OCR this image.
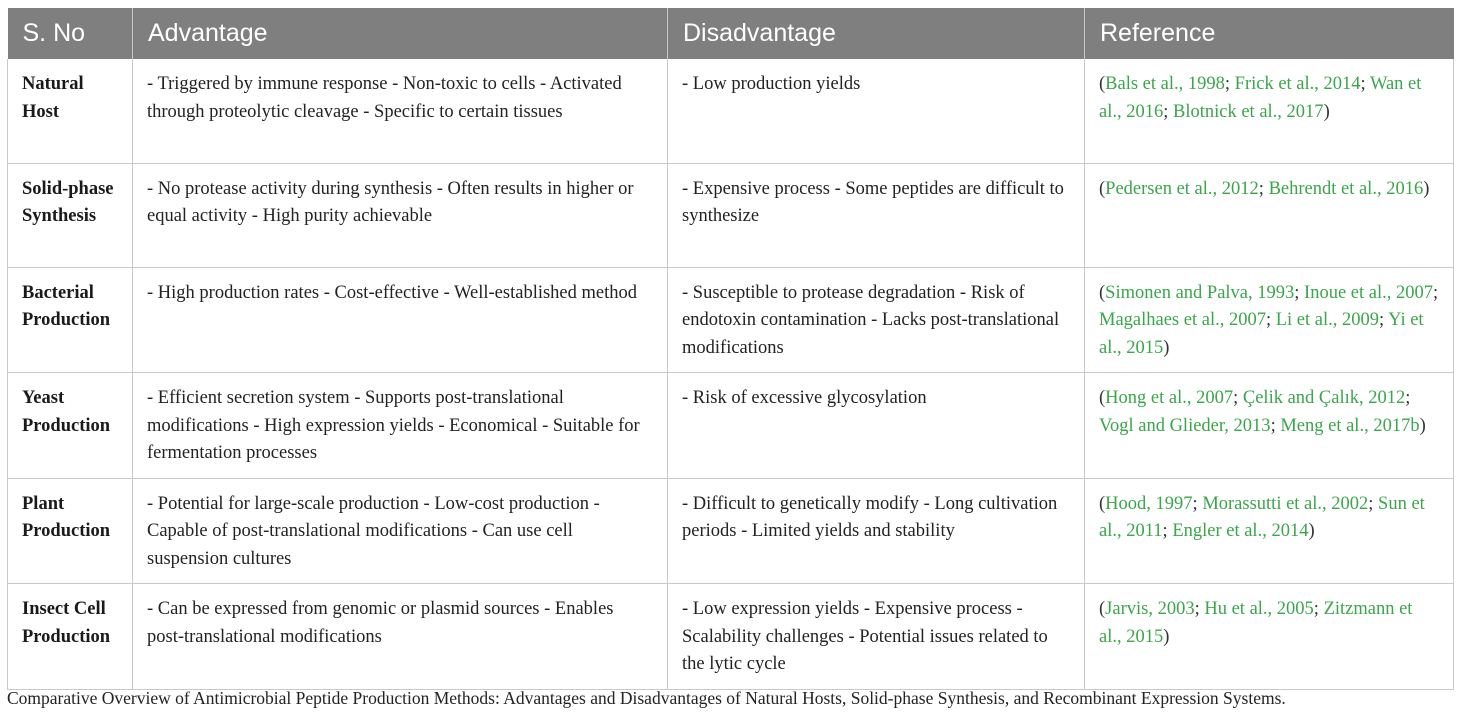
S. No	Advantage	Disadvantage	Reference
Natural Host	- Triggered by immune response - Non-toxic to cells - Activated through proteolytic cleavage - Specific to certain tissues	- Low production yields	(Bals et al., 1998; Frick et al., 2014; Wan et al., 2016; Blotnick et al., 2017)
Solid-phase Synthesis	- No protease activity during synthesis - Often results in higher or equal activity - High purity achievable	- Expensive process - Some peptides are difficult to synthesize	(Pedersen et al., 2012; Behrendt et al., 2016)
Bacterial Production	- High production rates - Cost-effective - Well-established method	- Susceptible to protease degradation - Risk of endotoxin contamination - Lacks post-translational modifications	(Simonen and Palva, 1993; Inoue et al., 2007; Magalhaes et al., 2007; Li et al., 2009; Yi et al., 2015)
Yeast Production	- Efficient secretion system - Supports post-translational modifications - High expression yields - Economical - Suitable for fermentation processes	- Risk of excessive glycosylation	(Hong et al., 2007; Çelik and Çalık, 2012; Vogl and Glieder, 2013; Meng et al., 2017b)
Plant Production	- Potential for large-scale production - Low-cost production - Capable of post-translational modifications - Can use cell suspension cultures	- Difficult to genetically modify - Long cultivation periods - Limited yields and stability	(Hood, 1997; Morassutti et al., 2002; Sun et al., 2011; Engler et al., 2014)
Insect Cell Production	- Can be expressed from genomic or plasmid sources - Enables post-translational modifications	- Low expression yields - Expensive process - Scalability challenges - Potential issues related to the lytic cycle	(Jarvis, 2003; Hu et al., 2005; Zitzmann et al., 2015)
Comparative Overview of Antimicrobial Peptide Production Methods: Advantages and Disadvantages of Natural Hosts, Solid-phase Synthesis, and Recombinant Expression Systems.
